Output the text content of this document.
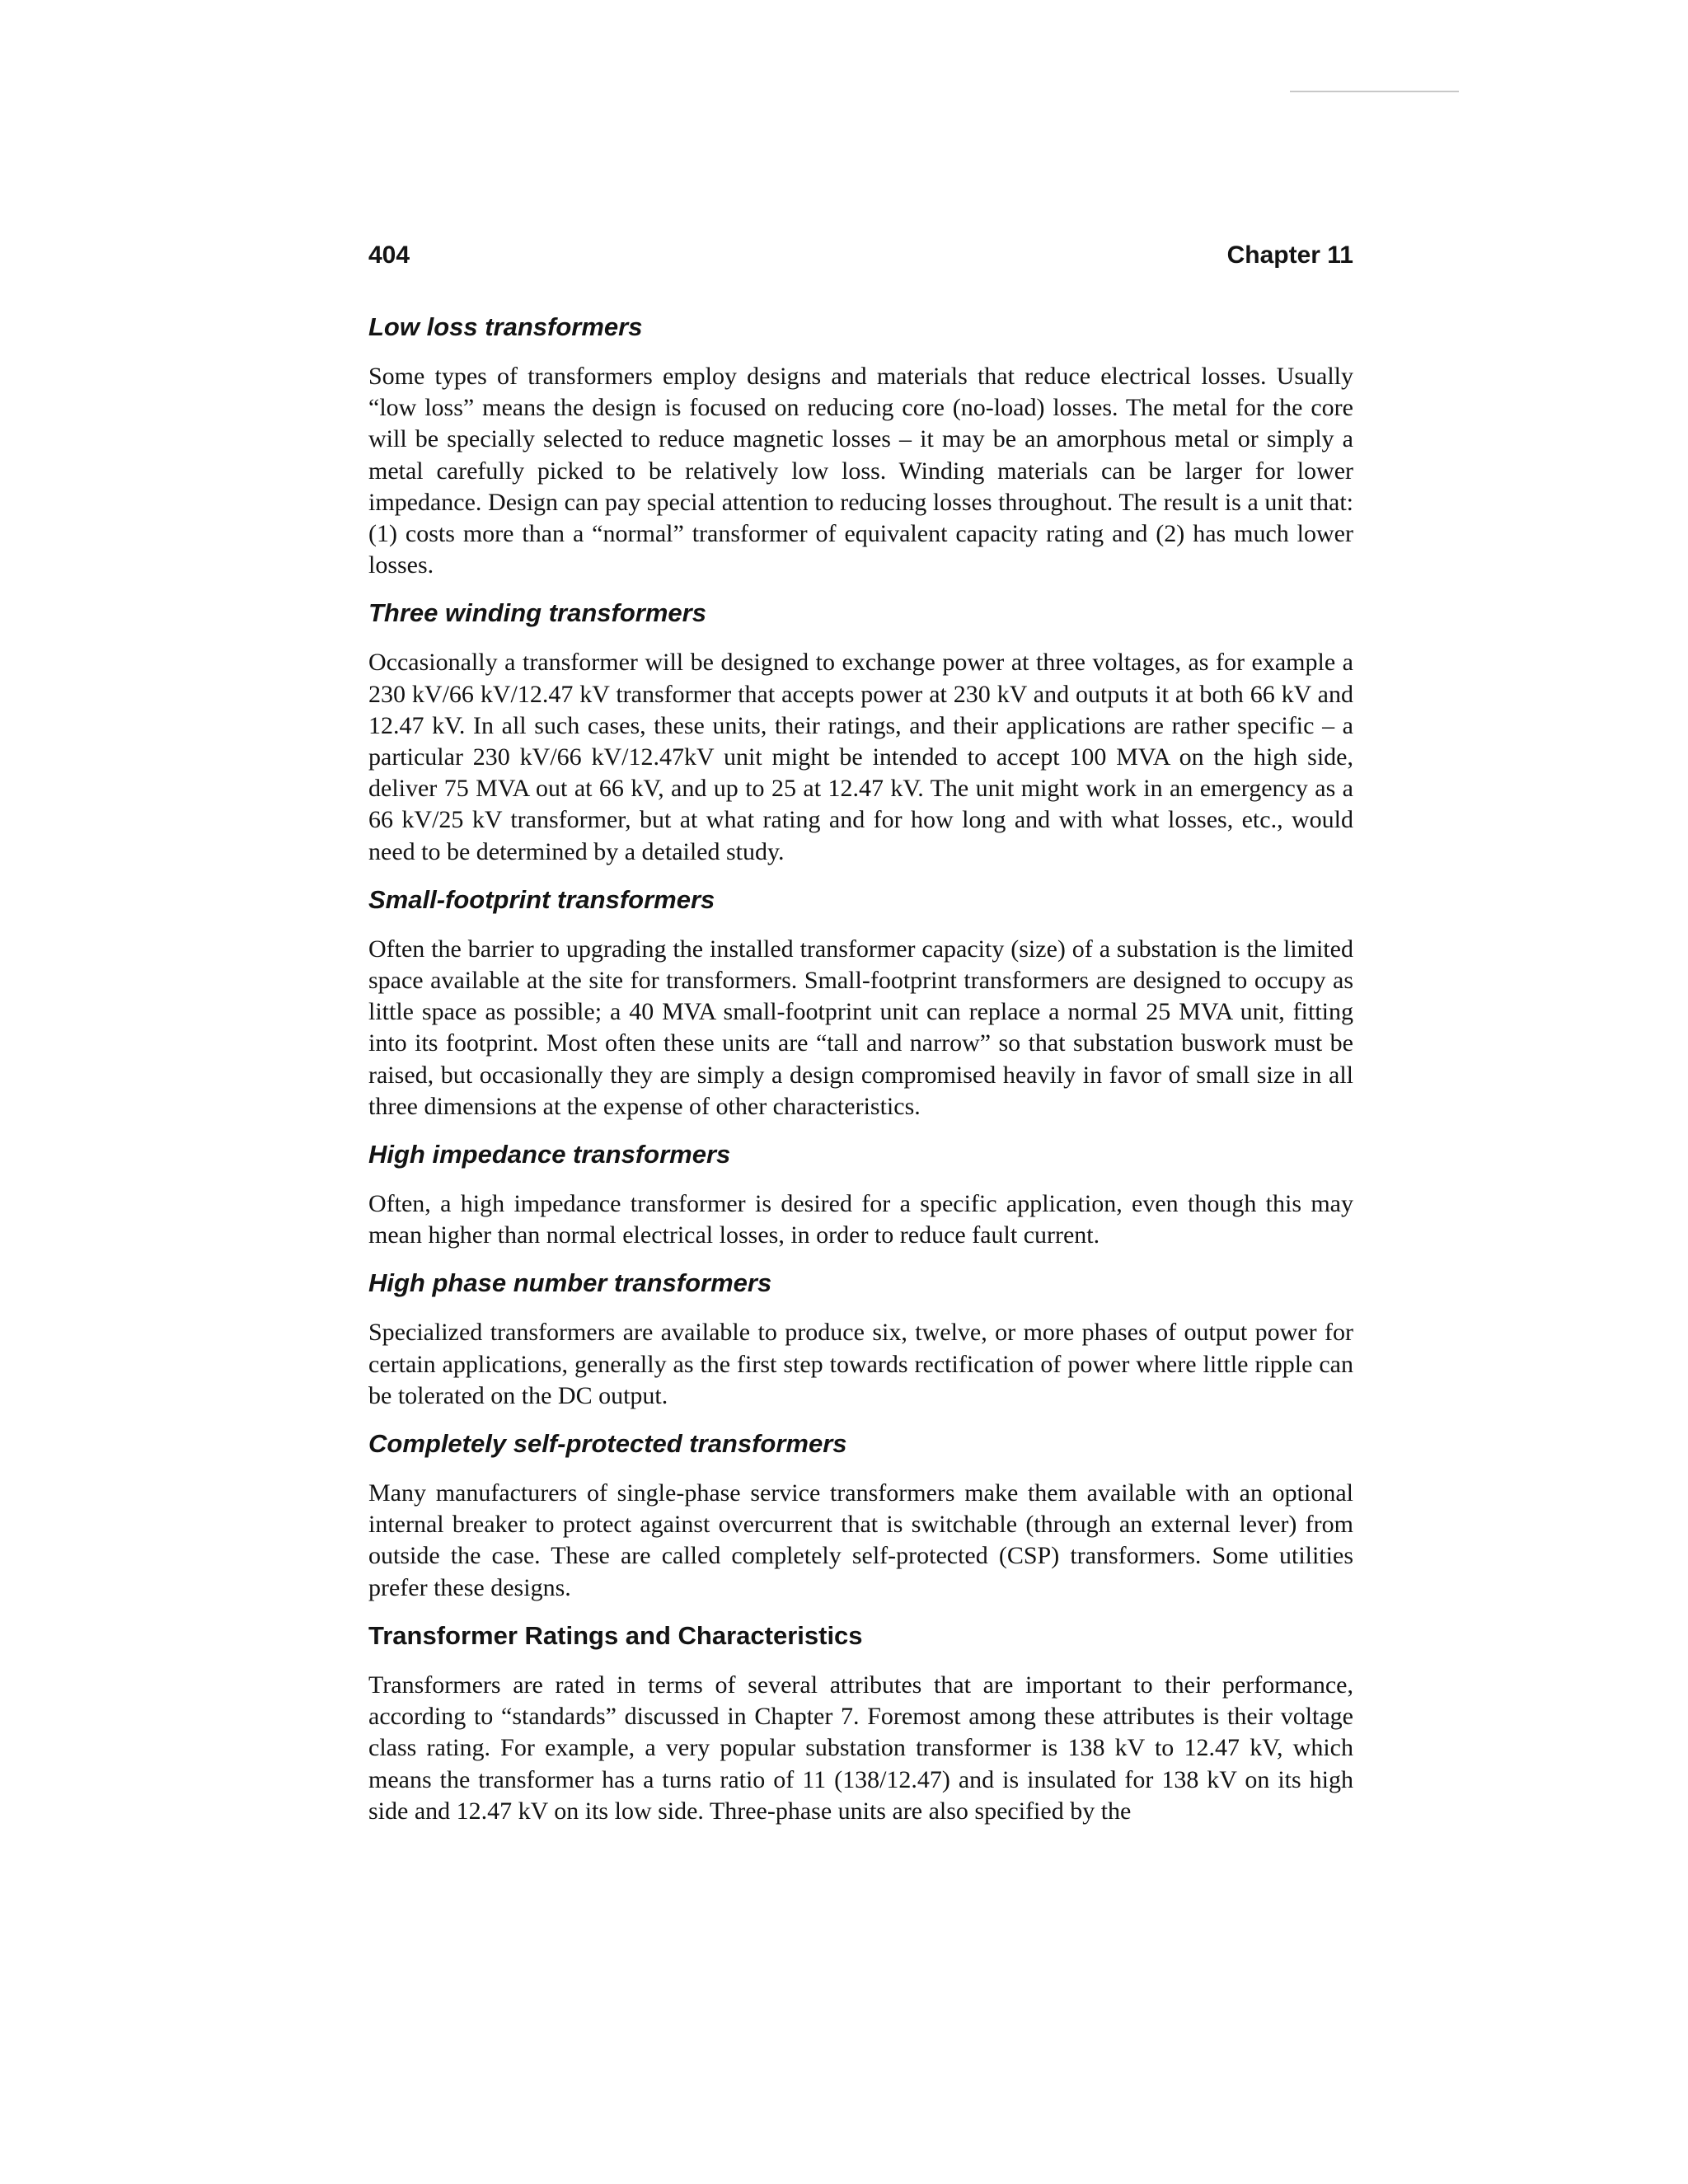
404	Chapter 11
Low loss transformers

Some types of transformers employ designs and materials that reduce electrical losses. Usually “low loss” means the design is focused on reducing core (no-load) losses. The metal for the core will be specially selected to reduce magnetic losses – it may be an amorphous metal or simply a metal carefully picked to be relatively low loss. Winding materials can be larger for lower impedance. Design can pay special attention to reducing losses throughout. The result is a unit that: (1) costs more than a “normal” transformer of equivalent capacity rating and (2) has much lower losses.

Three winding transformers

Occasionally a transformer will be designed to exchange power at three voltages, as for example a 230 kV/66 kV/12.47 kV transformer that accepts power at 230 kV and outputs it at both 66 kV and 12.47 kV. In all such cases, these units, their ratings, and their applications are rather specific – a particular 230 kV/66 kV/12.47kV unit might be intended to accept 100 MVA on the high side, deliver 75 MVA out at 66 kV, and up to 25 at 12.47 kV. The unit might work in an emergency as a 66 kV/25 kV transformer, but at what rating and for how long and with what losses, etc., would need to be determined by a detailed study.

Small-footprint transformers

Often the barrier to upgrading the installed transformer capacity (size) of a substation is the limited space available at the site for transformers. Small-footprint transformers are designed to occupy as little space as possible; a 40 MVA small-footprint unit can replace a normal 25 MVA unit, fitting into its footprint. Most often these units are “tall and narrow” so that substation buswork must be raised, but occasionally they are simply a design compromised heavily in favor of small size in all three dimensions at the expense of other characteristics.

High impedance transformers

Often, a high impedance transformer is desired for a specific application, even though this may mean higher than normal electrical losses, in order to reduce fault current.

High phase number transformers

Specialized transformers are available to produce six, twelve, or more phases of output power for certain applications, generally as the first step towards rectification of power where little ripple can be tolerated on the DC output.

Completely self-protected transformers

Many manufacturers of single-phase service transformers make them available with an optional internal breaker to protect against overcurrent that is switchable (through an external lever) from outside the case. These are called completely self-protected (CSP) transformers. Some utilities prefer these designs.

Transformer Ratings and Characteristics

Transformers are rated in terms of several attributes that are important to their performance, according to “standards” discussed in Chapter 7. Foremost among these attributes is their voltage class rating. For example, a very popular substation transformer is 138 kV to 12.47 kV, which means the transformer has a turns ratio of 11 (138/12.47) and is insulated for 138 kV on its high side and 12.47 kV on its low side. Three-phase units are also specified by the
